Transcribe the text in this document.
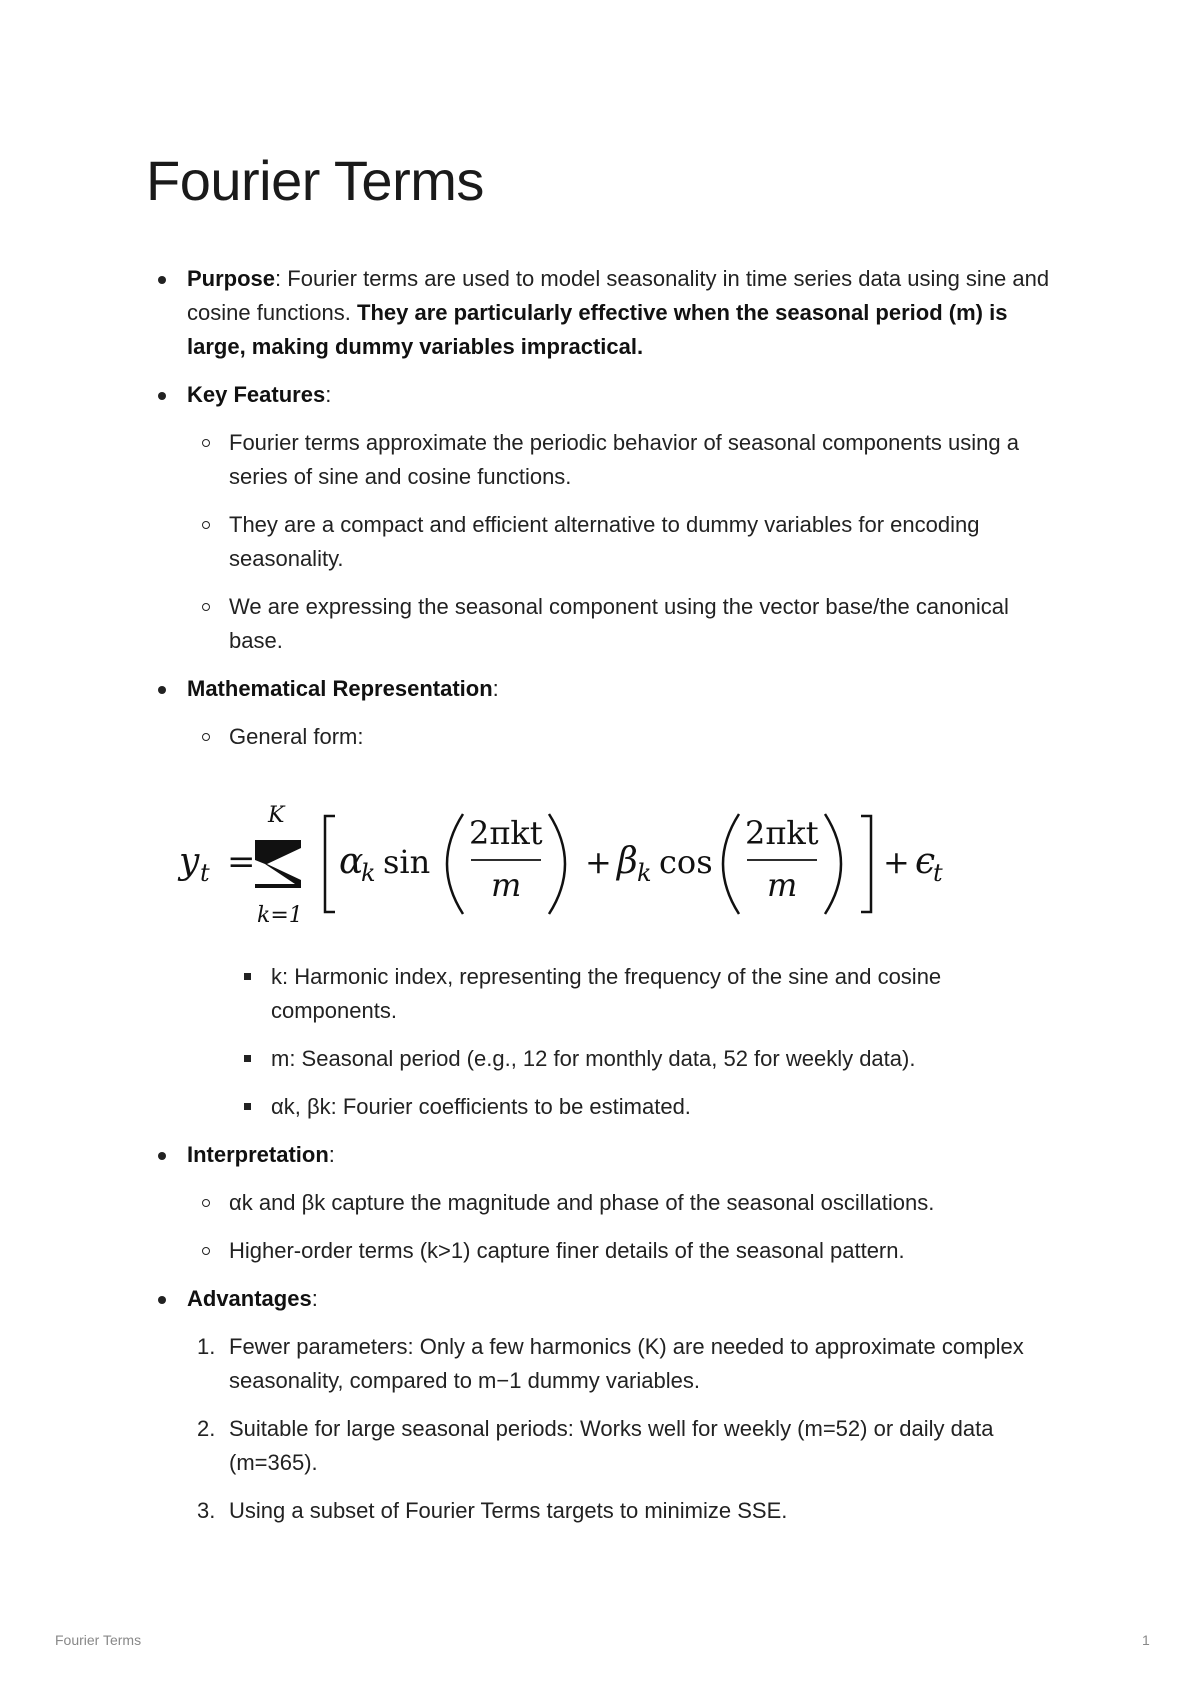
Fourier Terms
Purpose: Fourier terms are used to model seasonality in time series data using sine and cosine functions. They are particularly effective when the seasonal period (m) is large, making dummy variables impractical.
Key Features:
Fourier terms approximate the periodic behavior of seasonal components using a series of sine and cosine functions.
They are a compact and efficient alternative to dummy variables for encoding seasonality.
We are expressing the seasonal component using the vector base/the canonical base.
Mathematical Representation:
General form:
y t =
K
k=1
α
k sin
2πkt
m
+ β k cos
2πkt
m
+ ϵ
t
k: Harmonic index, representing the frequency of the sine and cosine components.
m: Seasonal period (e.g., 12 for monthly data, 52 for weekly data).
αk, βk: Fourier coefficients to be estimated.
Interpretation:
αk and βk capture the magnitude and phase of the seasonal oscillations.
Higher-order terms (k>1) capture finer details of the seasonal pattern.
Advantages:
1. Fewer parameters: Only a few harmonics (K) are needed to approximate complex seasonality, compared to m−1 dummy variables.
2. Suitable for large seasonal periods: Works well for weekly (m=52) or daily data (m=365).
3. Using a subset of Fourier Terms targets to minimize SSE.
Fourier Terms	1
